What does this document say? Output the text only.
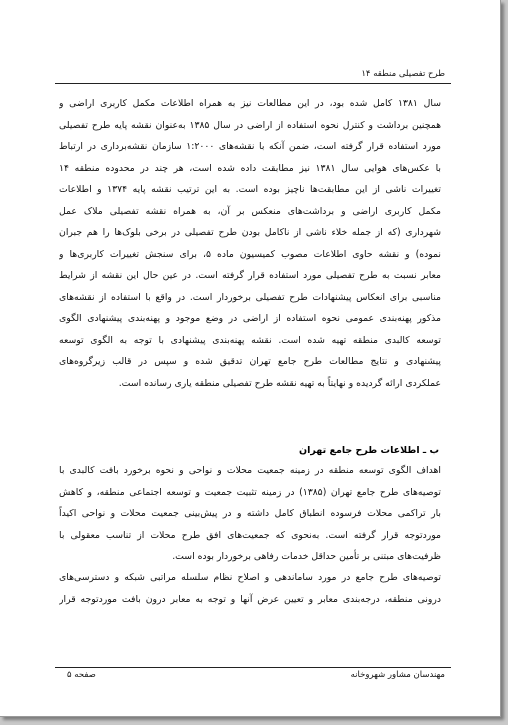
طرح تفصیلی منطقه ۱۴
سال ۱۳۸۱ کامل شده بود، در این مطالعات نیز به همراه اطلاعات مکمل کاربری اراضی و
همچنین برداشت و کنترل نحوه استفاده از اراضی در سال ۱۳۸۵ به‌عنوان نقشه پایه طرح تفصیلی
مورد استفاده قرار گرفته است، ضمن آنکه با نقشه‌های ۱:۲۰۰۰ سازمان نقشه‌برداری در ارتباط
با عکس‌های هوایی سال ۱۳۸۱ نیز مطابقت داده شده است، هر چند در محدوده منطقه ۱۴
تغییرات ناشی از این مطابقت‌ها ناچیز بوده است. به این ترتیب نقشه پایه ۱۳۷۴ و اطلاعات
مکمل کاربری اراضی و برداشت‌های منعکس بر آن، به همراه نقشه تفصیلی ملاک عمل
شهرداری (که از جمله خلاء ناشی از ناکامل بودن طرح تفصیلی در برخی بلوک‌ها را هم جبران
نموده) و نقشه حاوی اطلاعات مصوب کمیسیون ماده ۵، برای سنجش تغییرات کاربری‌ها و
معابر نسبت به طرح تفصیلی مورد استفاده قرار گرفته است. در عین حال این نقشه از شرایط
مناسبی برای انعکاس پیشنهادات طرح تفصیلی برخوردار است. در واقع با استفاده از نقشه‌های
مذکور پهنه‌بندی عمومی نحوه استفاده از اراضی در وضع موجود و پهنه‌بندی پیشنهادی الگوی
توسعه کالبدی منطقه تهیه شده است. نقشه پهنه‌بندی پیشنهادی با توجه به الگوی توسعه
پیشنهادی و نتایج مطالعات طرح جامع تهران تدقیق شده و سپس در قالب زیرگروه‌های
عملکردی ارائه گردیده و نهایتاً به تهیه نقشه طرح تفصیلی منطقه یاری رسانده است.
ب ـ اطلاعات طرح جامع تهران
اهداف الگوی توسعه منطقه در زمینه جمعیت محلات و نواحی و نحوه برخورد بافت کالبدی با
توصیه‌های طرح جامع تهران (۱۳۸۵) در زمینه تثبیت جمعیت و توسعه اجتماعی منطقه، و کاهش
بار تراکمی محلات فرسوده انطباق کامل داشته و در پیش‌بینی جمعیت محلات و نواحی اکیداً
موردتوجه قرار گرفته است. به‌نحوی که جمعیت‌های افق طرح محلات از تناسب معقولی با
ظرفیت‌های مبتنی بر تأمین حداقل خدمات رفاهی برخوردار بوده است.
توصیه‌های طرح جامع در مورد ساماندهی و اصلاح نظام سلسله مراتبی شبکه و دسترسی‌های
درونی منطقه، درجه‌بندی معابر و تعیین عرض آنها و توجه به معابر درون بافت موردتوجه قرار
صفحه ۵	مهندسان مشاور شهروخانه
